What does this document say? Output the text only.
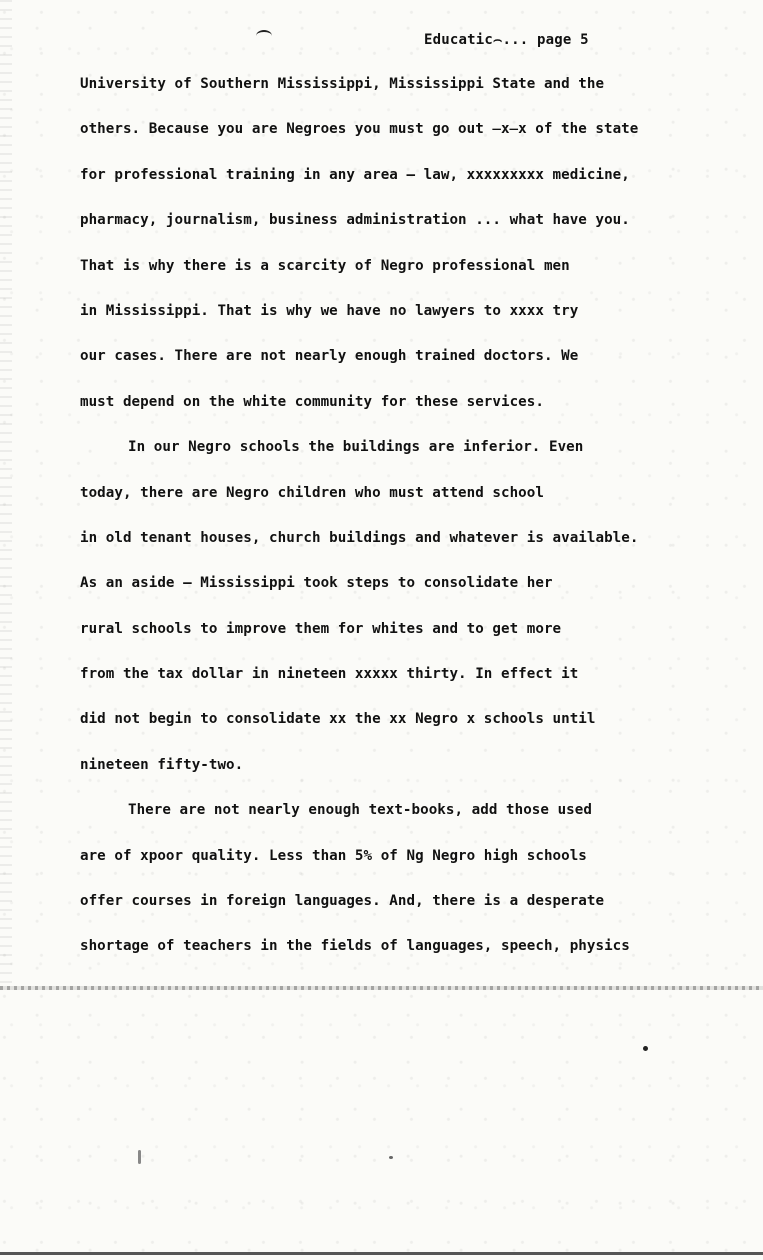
Educatic⌢... page 5
University of Southern Mississippi, Mississippi State and the
others. Because you are Negroes you must go out ̶x̶x of the state
for professional training in any area — law, xxxxxxxxx medicine,
pharmacy, journalism, business administration ... what have you.
That is why there is a scarcity of Negro professional men
in Mississippi. That is why we have no lawyers to xxxx try
our cases. There are not nearly enough trained doctors. We
must depend on the white community for these services.
In our Negro schools the buildings are inferior. Even
today, there are Negro children who must attend school
in old tenant houses, church buildings and whatever is available.
As an aside — Mississippi took steps to consolidate her
rural schools to improve them for whites and to get more
from the tax dollar in nineteen xxxxx thirty. In effect it
did not begin to consolidate xx the xx Negro x schools until
nineteen fifty-two.
There are not nearly enough text-books, add those used
are of xpoor quality. Less than 5% of Ng Negro high schools
offer courses in foreign languages. And, there is a desperate
shortage of teachers in the fields of languages, speech, physics
